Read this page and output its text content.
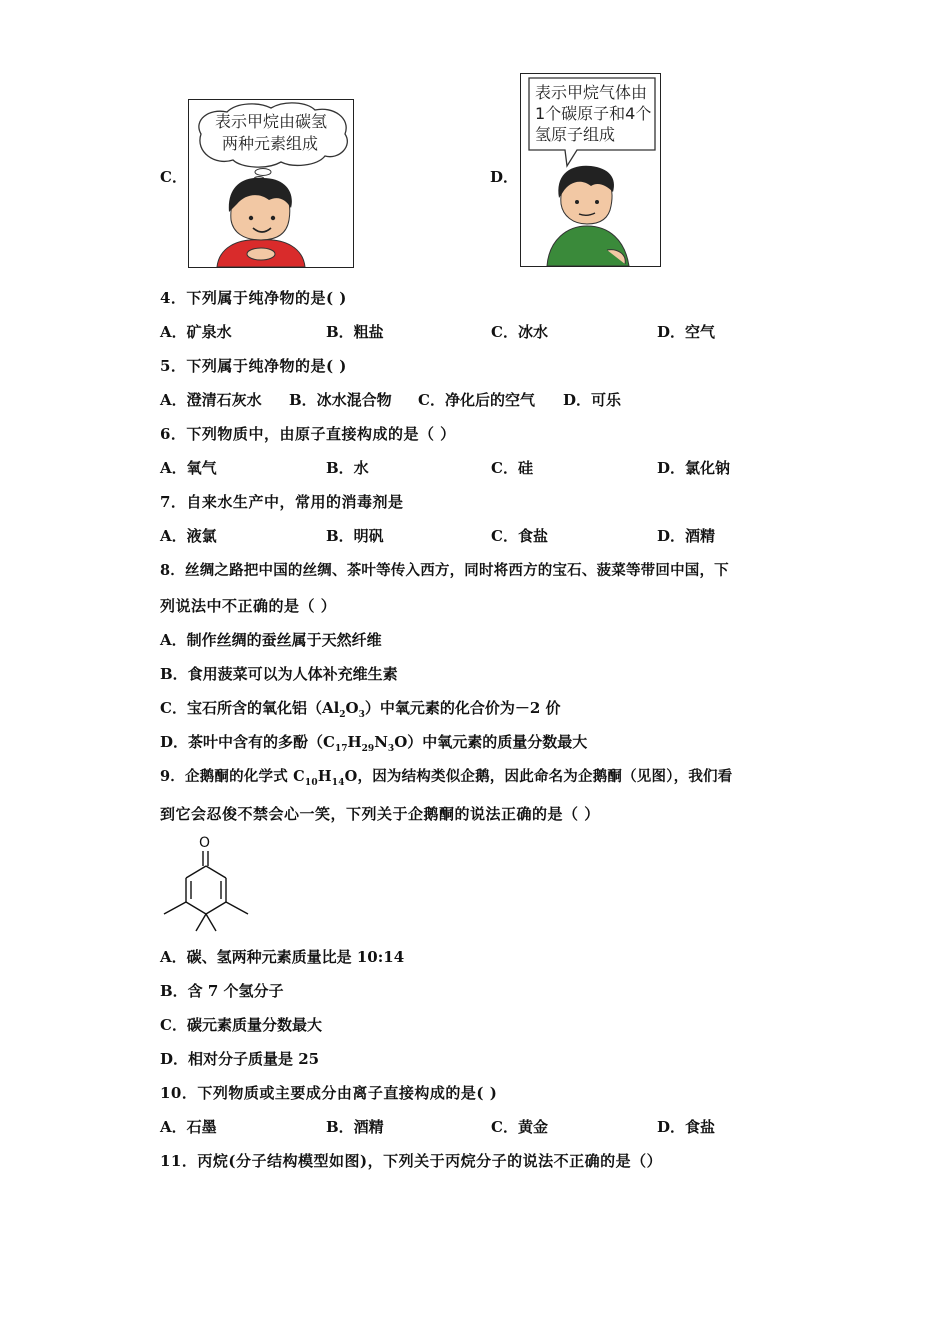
C．
表示甲烷由碳氢
两种元素组成
D．
表示甲烷气体由
1个碳原子和4个
氢原子组成
4．下列属于纯净物的是( )
A．矿泉水	B．粗盐	C．冰水	D．空气
5．下列属于纯净物的是( )
A．澄清石灰水 B．冰水混合物 C．净化后的空气 D．可乐
6．下列物质中，由原子直接构成的是（ ）
A．氧气	B．水	C．硅	D．氯化钠
7．自来水生产中，常用的消毒剂是
A．液氯	B．明矾	C．食盐	D．酒精
8．丝绸之路把中国的丝绸、茶叶等传入西方，同时将西方的宝石、菠菜等带回中国，下
列说法中不正确的是（ ）
A．制作丝绸的蚕丝属于天然纤维
B．食用菠菜可以为人体补充维生素
C．宝石所含的氧化铝$(Al_2O_3)$中氧元素的化合价为－2 价
D．茶叶中含有的多酚$(C_{17}H_{29}N_3O)$中氧元素的质量分数最大
9．企鹅酮的化学式 $C_{10}H_{14}O$，因为结构类似企鹅，因此命名为企鹅酮（见图），我们看
到它会忍俊不禁会心一笑，下列关于企鹅酮的说法正确的是（ ）
O
A．碳、氢两种元素质量比是 10:14
B．含 7 个氢分子
C．碳元素质量分数最大
D．相对分子质量是 25
10．下列物质或主要成分由离子直接构成的是( )
A．石墨	B．酒精	C．黄金	D．食盐
11．丙烷(分子结构模型如图)，下列关于丙烷分子的说法不正确的是（）
